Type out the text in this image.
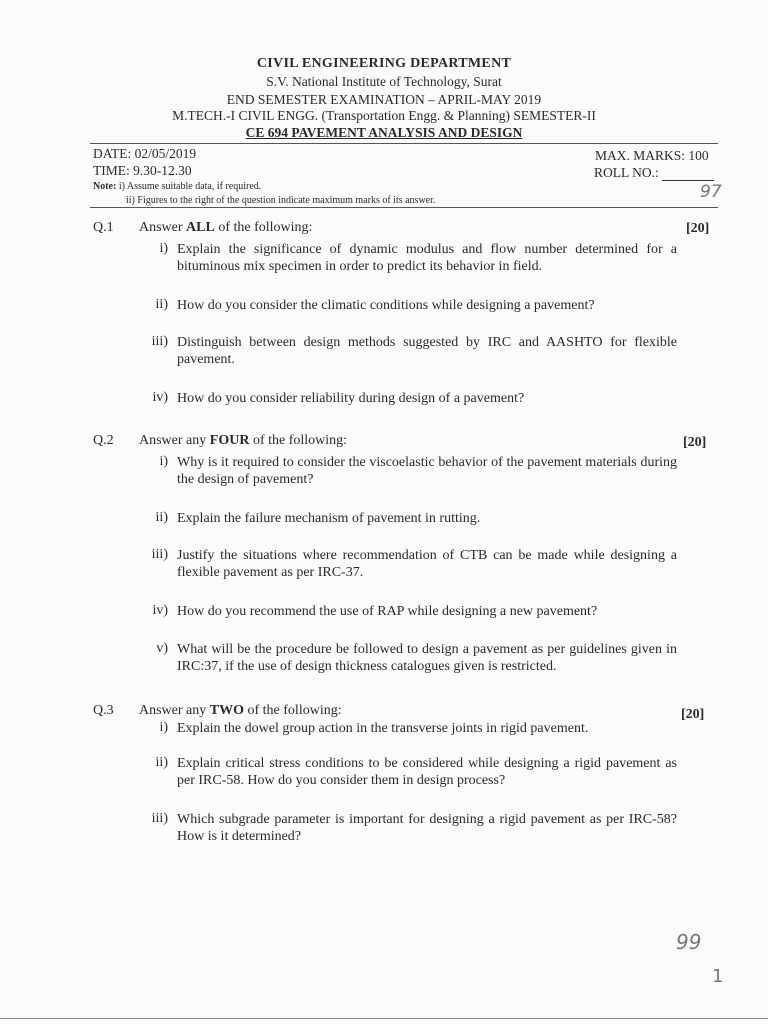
CIVIL ENGINEERING DEPARTMENT
S.V. National Institute of Technology, Surat
END SEMESTER EXAMINATION – APRIL-MAY 2019
M.TECH.-I CIVIL ENGG. (Transportation Engg. & Planning) SEMESTER-II
CE 694 PAVEMENT ANALYSIS AND DESIGN
DATE: 02/05/2019
TIME: 9.30-12.30
MAX. MARKS: 100
ROLL NO.:
Note: i) Assume suitable data, if required.
ii) Figures to the right of the question indicate maximum marks of its answer.	97
Q.1 Answer ALL of the following:	[20]
i) Explain the significance of dynamic modulus and flow number determined for a bituminous mix specimen in order to predict its behavior in field.
ii) How do you consider the climatic conditions while designing a pavement?
iii) Distinguish between design methods suggested by IRC and AASHTO for flexible pavement.
iv) How do you consider reliability during design of a pavement?
Q.2 Answer any FOUR of the following:	[20]
i) Why is it required to consider the viscoelastic behavior of the pavement materials during the design of pavement?
ii) Explain the failure mechanism of pavement in rutting.
iii) Justify the situations where recommendation of CTB can be made while designing a flexible pavement as per IRC-37.
iv) How do you recommend the use of RAP while designing a new pavement?
v) What will be the procedure be followed to design a pavement as per guidelines given in IRC:37, if the use of design thickness catalogues given is restricted.
Q.3 Answer any TWO of the following:	[20]
i) Explain the dowel group action in the transverse joints in rigid pavement.
ii) Explain critical stress conditions to be considered while designing a rigid pavement as per IRC-58. How do you consider them in design process?
iii) Which subgrade parameter is important for designing a rigid pavement as per IRC-58? How is it determined?
99
1
